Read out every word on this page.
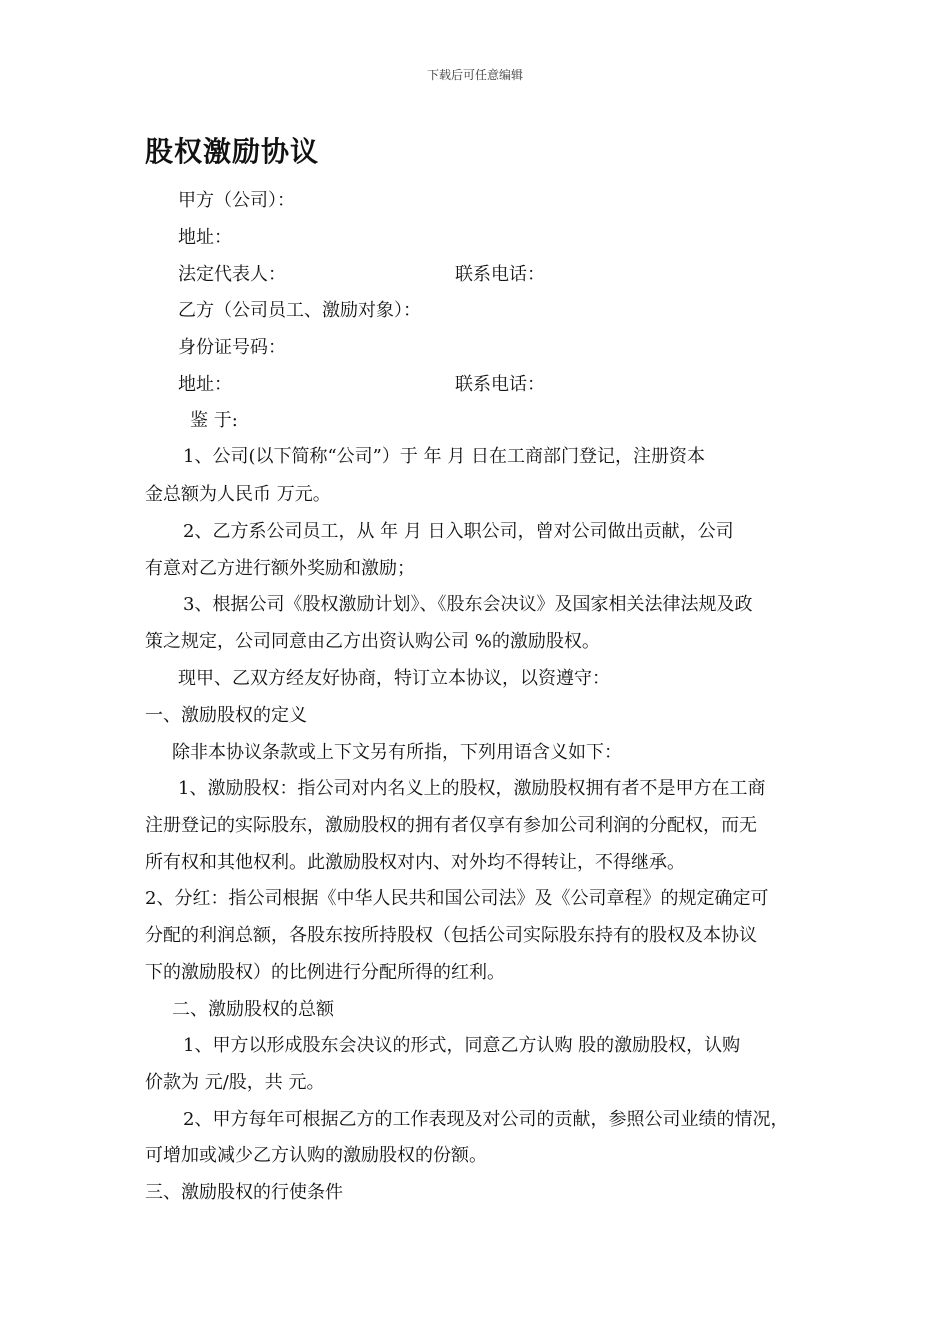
下载后可任意编辑
股权激励协议
甲方（公司）：
地址：
法定代表人：	联系电话：
乙方（公司员工、激励对象）：
身份证号码：
地址：	联系电话：
鉴 于:
1、公司(以下简称“公司”）于 年 月 日在工商部门登记，注册资本
金总额为人民币 万元。
2、乙方系公司员工，从 年 月 日入职公司，曾对公司做出贡献，公司
有意对乙方进行额外奖励和激励；
3、根据公司《股权激励计划》、《股东会决议》及国家相关法律法规及政
策之规定，公司同意由乙方出资认购公司 %的激励股权。
现甲、乙双方经友好协商，特订立本协议，以资遵守：
一、激励股权的定义
除非本协议条款或上下文另有所指，下列用语含义如下：
1、激励股权：指公司对内名义上的股权，激励股权拥有者不是甲方在工商
注册登记的实际股东，激励股权的拥有者仅享有参加公司利润的分配权，而无
所有权和其他权利。此激励股权对内、对外均不得转让，不得继承。
2、分红：指公司根据《中华人民共和国公司法》及《公司章程》的规定确定可
分配的利润总额，各股东按所持股权（包括公司实际股东持有的股权及本协议
下的激励股权）的比例进行分配所得的红利。
二、激励股权的总额
1、甲方以形成股东会决议的形式，同意乙方认购 股的激励股权，认购
价款为 元/股，共 元。
2、甲方每年可根据乙方的工作表现及对公司的贡献，参照公司业绩的情况，
可增加或减少乙方认购的激励股权的份额。
三、激励股权的行使条件
